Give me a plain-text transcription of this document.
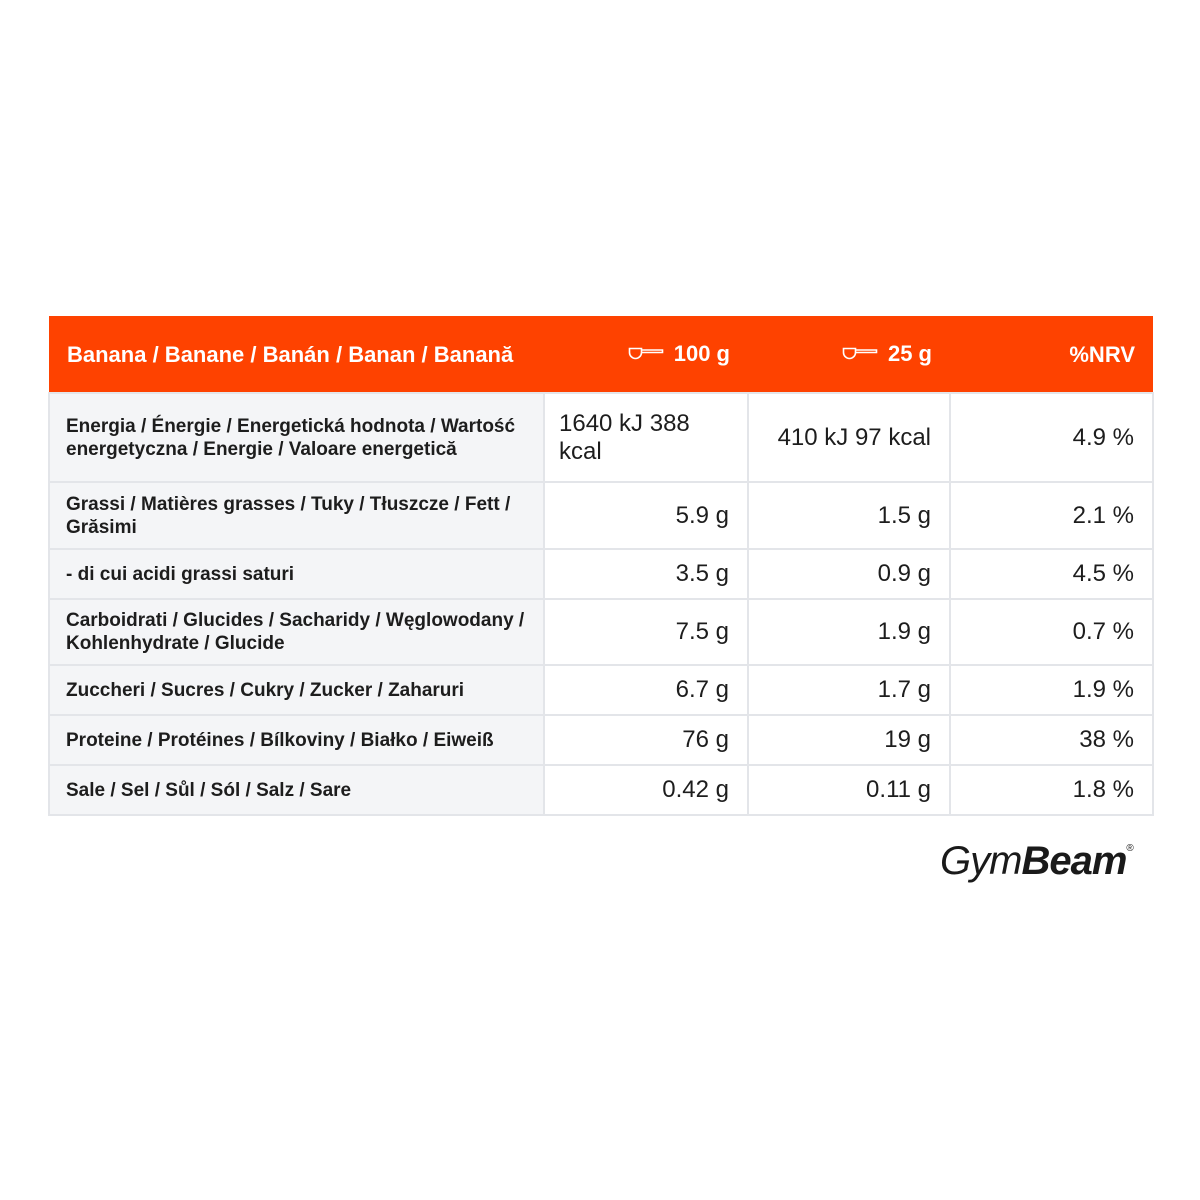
Banana / Banane / Banán / Banan / Banană	100 g	25 g	%NRV
Energia / Énergie / Energetická hodnota / Wartość energetyczna / Energie / Valoare energetică	1640 kJ 388 kcal	410 kJ 97 kcal	4.9 %
Grassi / Matières grasses / Tuky / Tłuszcze / Fett / Grăsimi	5.9 g	1.5 g	2.1 %
- di cui acidi grassi saturi	3.5 g	0.9 g	4.5 %
Carboidrati / Glucides / Sacharidy / Węglowodany / Kohlenhydrate / Glucide	7.5 g	1.9 g	0.7 %
Zuccheri / Sucres / Cukry / Zucker / Zaharuri	6.7 g	1.7 g	1.9 %
Proteine / Protéines / Bílkoviny / Białko / Eiweiß	76 g	19 g	38 %
Sale / Sel / Sůl / Sól / Salz / Sare	0.42 g	0.11 g	1.8 %
GymBeam®
